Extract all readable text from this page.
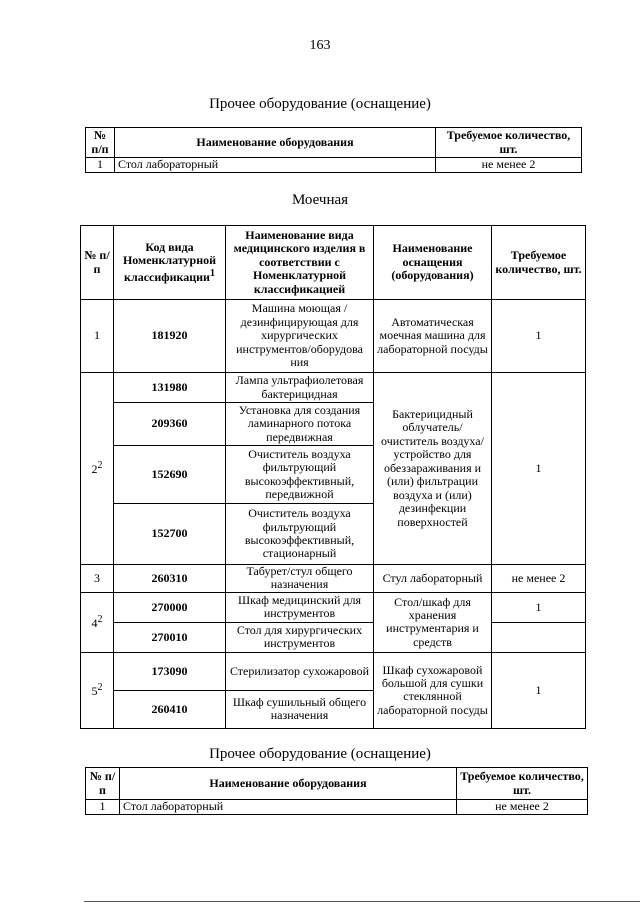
163
Прочее оборудование (оснащение)
№ п/п	Наименование оборудования	Требуемое количество, шт.
1	Стол лабораторный	не менее 2
Моечная
№ п/п	Код вида Номенклатурной классификации$^1$	Наименование вида медицинского изделия в соответствии с Номенклатурной классификацией	Наименование оснащения (оборудования)	Требуемое количество, шт.
1	181920	Машина моющая /дезинфицирующая для хирургических инструментов/оборудова ния	Автоматическая моечная машина для лабораторной посуды	1
$2^2$	131980	Лампа ультрафиолетовая бактерицидная	Бактерицидный облучатель/ очиститель воздуха/ устройство для обеззараживания и (или) фильтрации воздуха и (или) дезинфекции поверхностей	1
	209360	Установка для создания ламинарного потока передвижная		
	152690	Очиститель воздуха фильтрующий высокоэффективный, передвижной		
	152700	Очиститель воздуха фильтрующий высокоэффективный, стационарный		
3	260310	Табурет/стул общего назначения	Стул лабораторный	не менее 2
$4^2$	270000	Шкаф медицинский для инструментов	Стол/шкаф для хранения инструментария и средств	1
	270010	Стол для хирургических инструментов		
$5^2$	173090	Стерилизатор сухожаровой	Шкаф сухожаровой большой для сушки стеклянной лабораторной посуды	1
	260410	Шкаф сушильный общего назначения		
Прочее оборудование (оснащение)
№ п/п	Наименование оборудования	Требуемое количество, шт.
1	Стол лабораторный	не менее 2
